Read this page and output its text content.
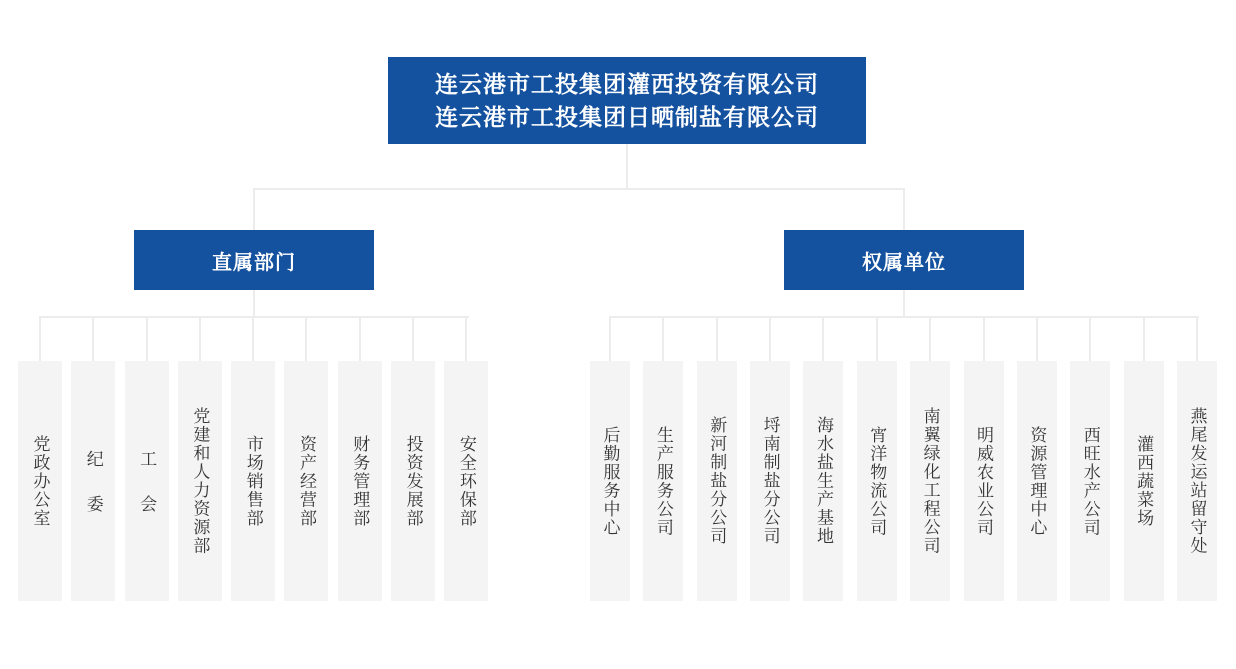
连云港市工投集团灌西投资有限公司
连云港市工投集团日晒制盐有限公司
直属部门	权属单位
党政办公室 纪委 工会 党建和人力资源部 市场销售部 资产经营部 财务管理部 投资发展部 安全环保部	后勤服务中心 生产服务公司 新河制盐分公司 埒南制盐分公司 海水盐生产基地 宵洋物流公司 南翼绿化工程公司 明威农业公司 资源管理中心 西旺水产公司 灌西蔬菜场 燕尾发运站留守处
